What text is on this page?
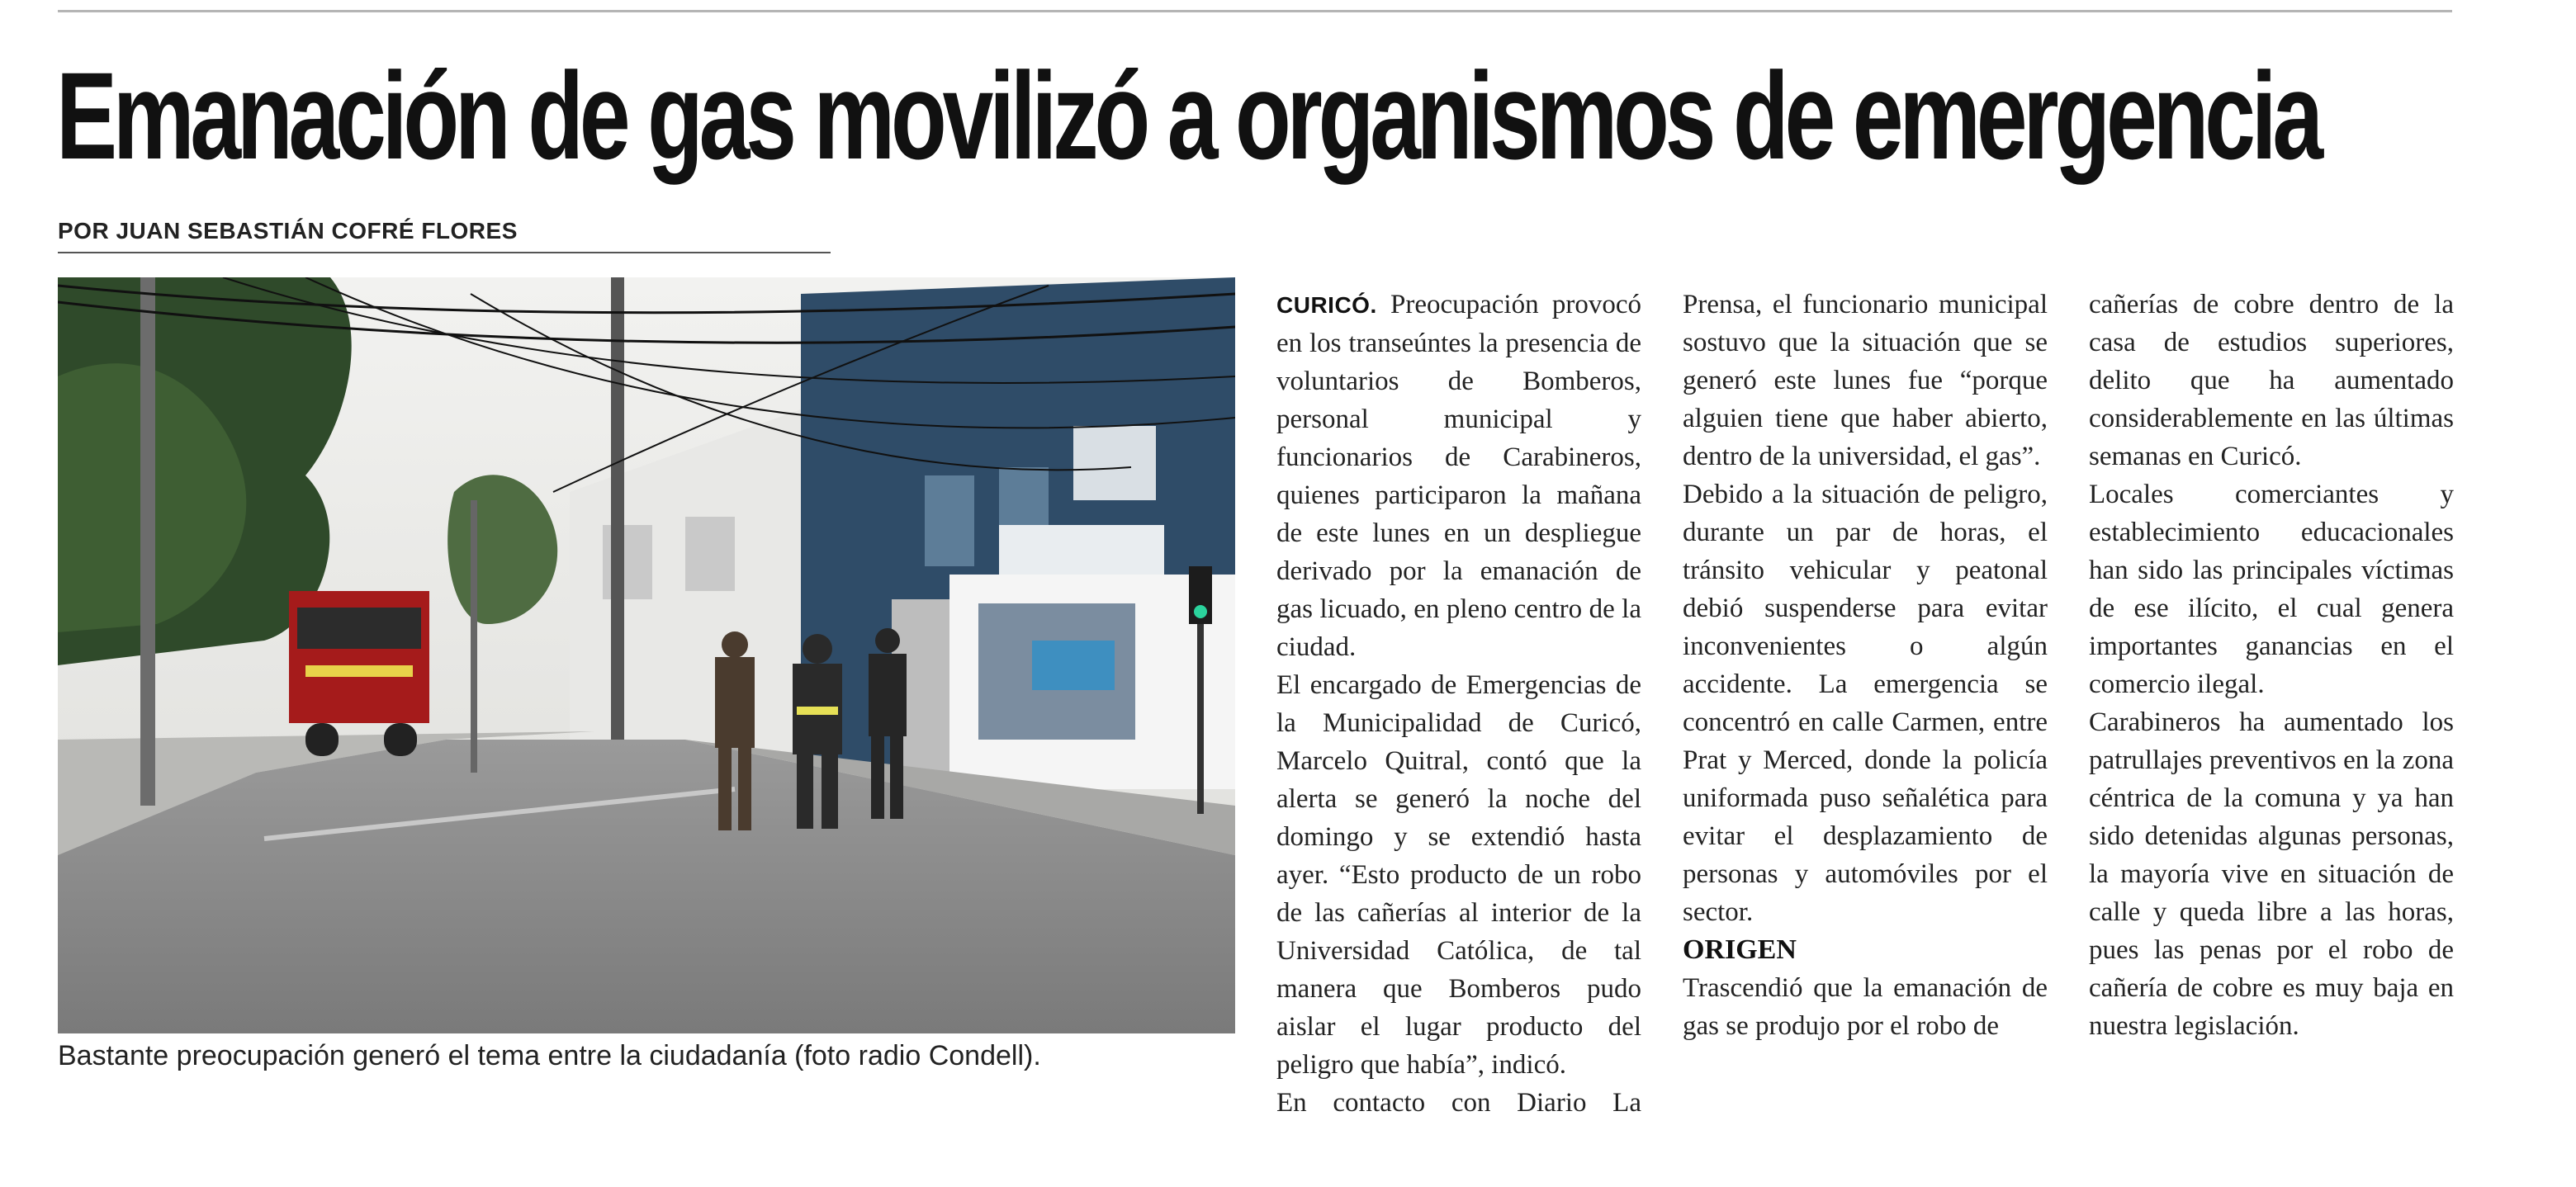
Emanación de gas movilizó a organismos de emergencia
POR JUAN SEBASTIÁN COFRÉ FLORES
Bastante preocupación generó el tema entre la ciudadanía (foto radio Condell).

CURICÓ. Preocupación provocó en los transeúntes la presencia de voluntarios de Bomberos, personal municipal y funcionarios de Carabineros, quienes participaron la mañana de este lunes en un despliegue derivado por la emanación de gas licuado, en pleno centro de la ciudad.

El encargado de Emergencias de la Municipalidad de Curicó, Marcelo Quitral, contó que la alerta se generó la noche del domingo y se extendió hasta ayer. “Esto producto de un robo de las cañerías al interior de la Universidad Católica, de tal manera que Bomberos pudo aislar el lugar producto del peligro que había”, indicó.

En contacto con Diario La

Prensa, el funcionario municipal sostuvo que la situación que se generó este lunes fue “porque alguien tiene que haber abierto, dentro de la universidad, el gas”.

Debido a la situación de peligro, durante un par de horas, el tránsito vehicular y peatonal debió suspenderse para evitar inconvenientes o algún accidente. La emergencia se concentró en calle Carmen, entre Prat y Merced, donde la policía uniformada puso señalética para evitar el desplazamiento de personas y automóviles por el sector.

ORIGEN

Trascendió que la emanación de gas se produjo por el robo de

cañerías de cobre dentro de la casa de estudios superiores, delito que ha aumentado considerablemente en las últimas semanas en Curicó.

Locales comerciantes y establecimiento educacionales han sido las principales víctimas de ese ilícito, el cual genera importantes ganancias en el comercio ilegal.

Carabineros ha aumentado los patrullajes preventivos en la zona céntrica de la comuna y ya han sido detenidas algunas personas, la mayoría vive en situación de calle y queda libre a las horas, pues las penas por el robo de cañería de cobre es muy baja en nuestra legislación.
